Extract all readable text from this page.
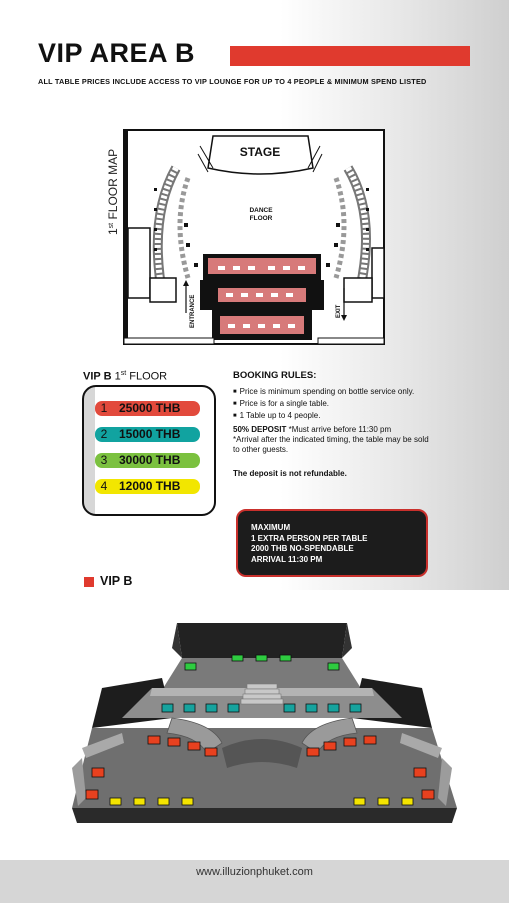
VIP AREA B
ALL TABLE PRICES INCLUDE ACCESS TO VIP LOUNGE FOR UP TO 4 PEOPLE & MINIMUM SPEND LISTED
1st FLOOR MAP	STAGE
DANCE
FLOOR
ENTRANCE	EXIT
VIP B 1st FLOOR
1 25000 THB
2 15000 THB
3 30000 THB
4 12000 THB
BOOKING RULES:
■ Price is minimum spending on bottle service only.
■ Price is for a single table.
■ 1 Table up to 4 people.
50% DEPOSIT *Must arrive before 11:30 pm
*Arrival after the indicated timing, the table may be sold to other guests.
The deposit is not refundable.
MAXIMUM
1 EXTRA PERSON PER TABLE
2000 THB NO-SPENDABLE
ARRIVAL 11:30 PM
VIP B
www.illuzionphuket.com
